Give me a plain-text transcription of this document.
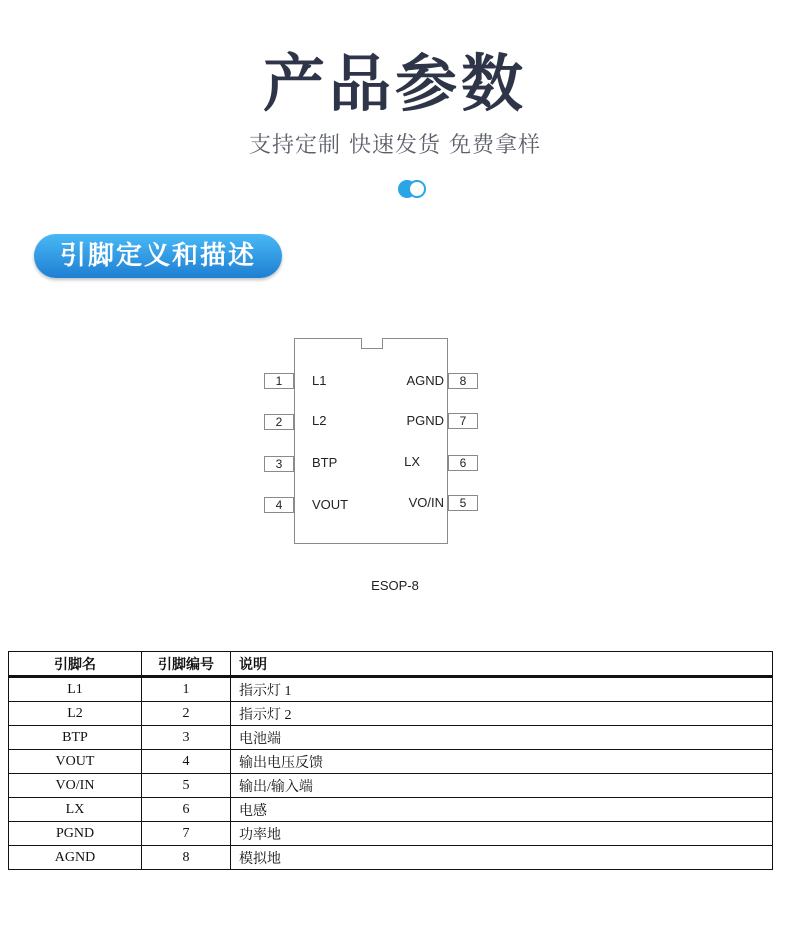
产品参数
支持定制 快速发货 免费拿样
引脚定义和描述
1
2
3
4
L1
L2
BTP
VOUT
8
7
6
5
AGND
PGND
LX
VO/IN
ESOP-8
引脚名	引脚编号	说明
L1	1	指示灯 1
L2	2	指示灯 2
BTP	3	电池端
VOUT	4	输出电压反馈
VO/IN	5	输出/输入端
LX	6	电感
PGND	7	功率地
AGND	8	模拟地
